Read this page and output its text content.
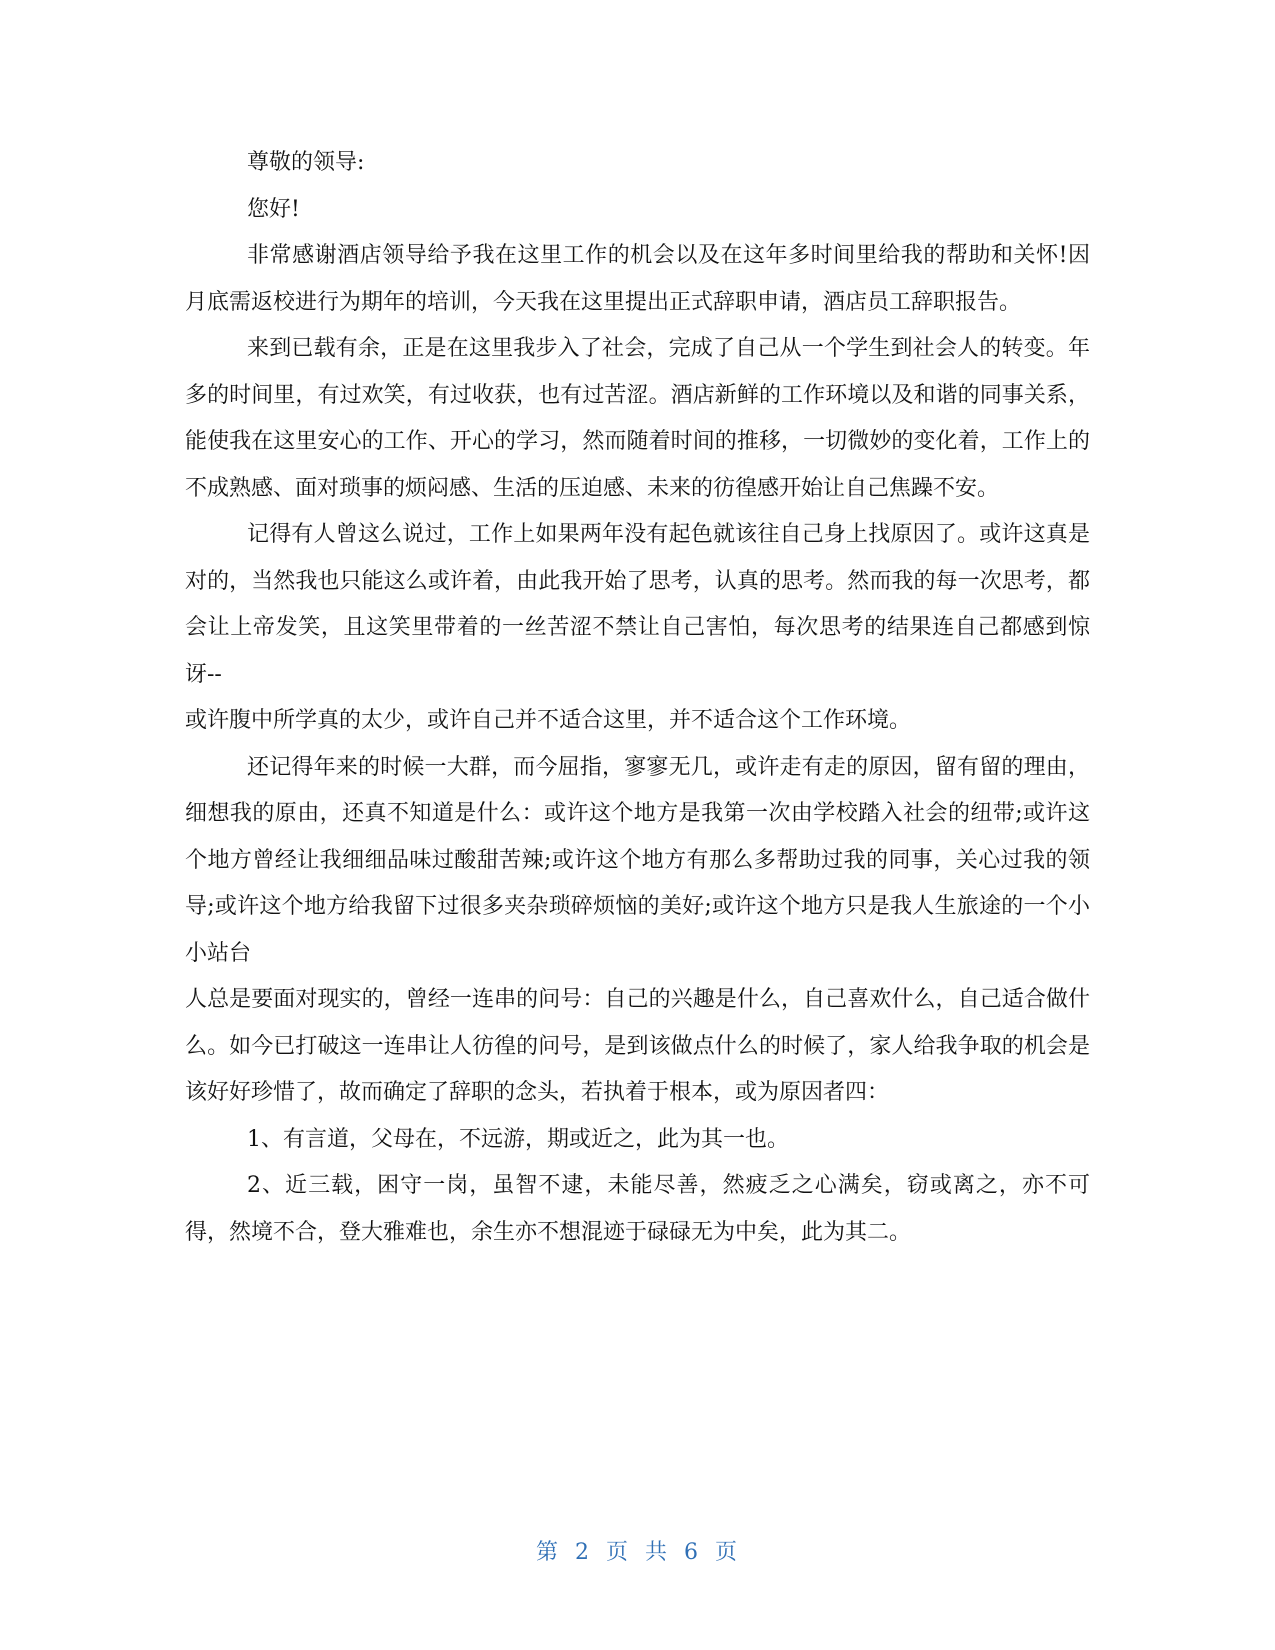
尊敬的领导:

您好!

非常感谢酒店领导给予我在这里工作的机会以及在这年多时间里给我的帮助和关怀!因月底需返校进行为期年的培训，今天我在这里提出正式辞职申请，酒店员工辞职报告。

来到已载有余，正是在这里我步入了社会，完成了自己从一个学生到社会人的转变。年多的时间里，有过欢笑，有过收获，也有过苦涩。酒店新鲜的工作环境以及和谐的同事关系，能使我在这里安心的工作、开心的学习，然而随着时间的推移，一切微妙的变化着，工作上的不成熟感、面对琐事的烦闷感、生活的压迫感、未来的彷徨感开始让自己焦躁不安。

记得有人曾这么说过，工作上如果两年没有起色就该往自己身上找原因了。或许这真是对的，当然我也只能这么或许着，由此我开始了思考，认真的思考。然而我的每一次思考，都会让上帝发笑，且这笑里带着的一丝苦涩不禁让自己害怕，每次思考的结果连自己都感到惊讶--

或许腹中所学真的太少，或许自己并不适合这里，并不适合这个工作环境。

还记得年来的时候一大群，而今屈指，寥寥无几，或许走有走的原因，留有留的理由，细想我的原由，还真不知道是什么：或许这个地方是我第一次由学校踏入社会的纽带;或许这个地方曾经让我细细品味过酸甜苦辣;或许这个地方有那么多帮助过我的同事，关心过我的领导;或许这个地方给我留下过很多夹杂琐碎烦恼的美好;或许这个地方只是我人生旅途的一个小小站台

人总是要面对现实的，曾经一连串的问号：自己的兴趣是什么，自己喜欢什么，自己适合做什么。如今已打破这一连串让人彷徨的问号，是到该做点什么的时候了，家人给我争取的机会是该好好珍惜了，故而确定了辞职的念头，若执着于根本，或为原因者四：

1、有言道，父母在，不远游，期或近之，此为其一也。

2、近三载，困守一岗，虽智不逮，未能尽善，然疲乏之心满矣，窃或离之，亦不可得，然境不合，登大雅难也，余生亦不想混迹于碌碌无为中矣，此为其二。

第 2 页 共 6 页
